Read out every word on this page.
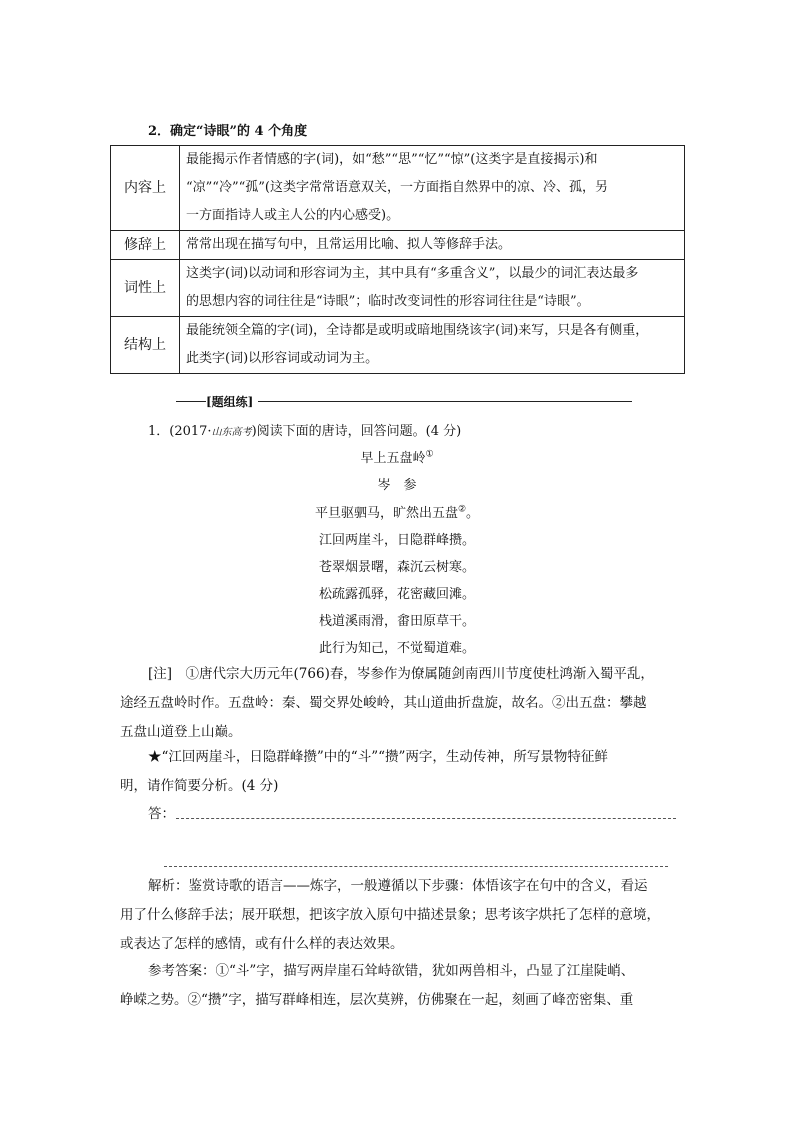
2．确定“诗眼”的 4 个角度
内容上	最能揭示作者情感的字(词)，如“愁”“思”“忆”“惊”(这类字是直接揭示)和
“凉”“冷”“孤”(这类字常常语意双关，一方面指自然界中的凉、冷、孤，另
一方面指诗人或主人公的内心感受)。

修辞上	常常出现在描写句中，且常运用比喻、拟人等修辞手法。

词性上	这类字(词)以动词和形容词为主，其中具有“多重含义”，以最少的词汇表达最多
的思想内容的词往往是“诗眼”；临时改变词性的形容词往往是“诗眼”。

结构上	最能统领全篇的字(词)，全诗都是或明或暗地围绕该字(词)来写，只是各有侧重，
此类字(词)以形容词或动词为主。
[题组练]
1．(2017·山东高考)阅读下面的唐诗，回答问题。(4 分)
早上五盘岭①
岑　参
平旦驱驷马，旷然出五盘②。
江回两崖斗，日隐群峰攒。
苍翠烟景曙，森沉云树寒。
松疏露孤驿，花密藏回滩。
栈道溪雨滑，畬田原草干。
此行为知己，不觉蜀道难。
[注]　①唐代宗大历元年(766)春，岑参作为僚属随剑南西川节度使杜鸿渐入蜀平乱，
途经五盘岭时作。五盘岭：秦、蜀交界处峻岭，其山道曲折盘旋，故名。②出五盘：攀越
五盘山道登上山巅。
★“江回两崖斗，日隐群峰攒”中的“斗”“攒”两字，生动传神，所写景物特征鲜
明，请作简要分析。(4 分)
答：
解析：鉴赏诗歌的语言——炼字，一般遵循以下步骤：体悟该字在句中的含义，看运
用了什么修辞手法；展开联想，把该字放入原句中描述景象；思考该字烘托了怎样的意境，
或表达了怎样的感情，或有什么样的表达效果。
参考答案：①“斗”字，描写两岸崖石耸峙欲错，犹如两兽相斗，凸显了江崖陡峭、
峥嵘之势。②“攒”字，描写群峰相连，层次莫辨，仿佛聚在一起，刻画了峰峦密集、重
